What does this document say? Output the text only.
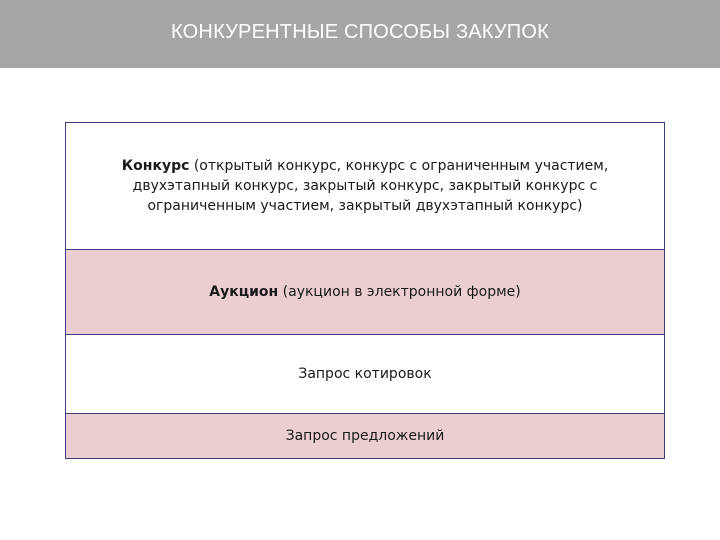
КОНКУРЕНТНЫЕ СПОСОБЫ ЗАКУПОК
Конкурс (открытый конкурс, конкурс с ограниченным участием, двухэтапный конкурс, закрытый конкурс, закрытый конкурс с ограниченным участием, закрытый двухэтапный конкурс)
Аукцион (аукцион в электронной форме)
Запрос котировок
Запрос предложений
